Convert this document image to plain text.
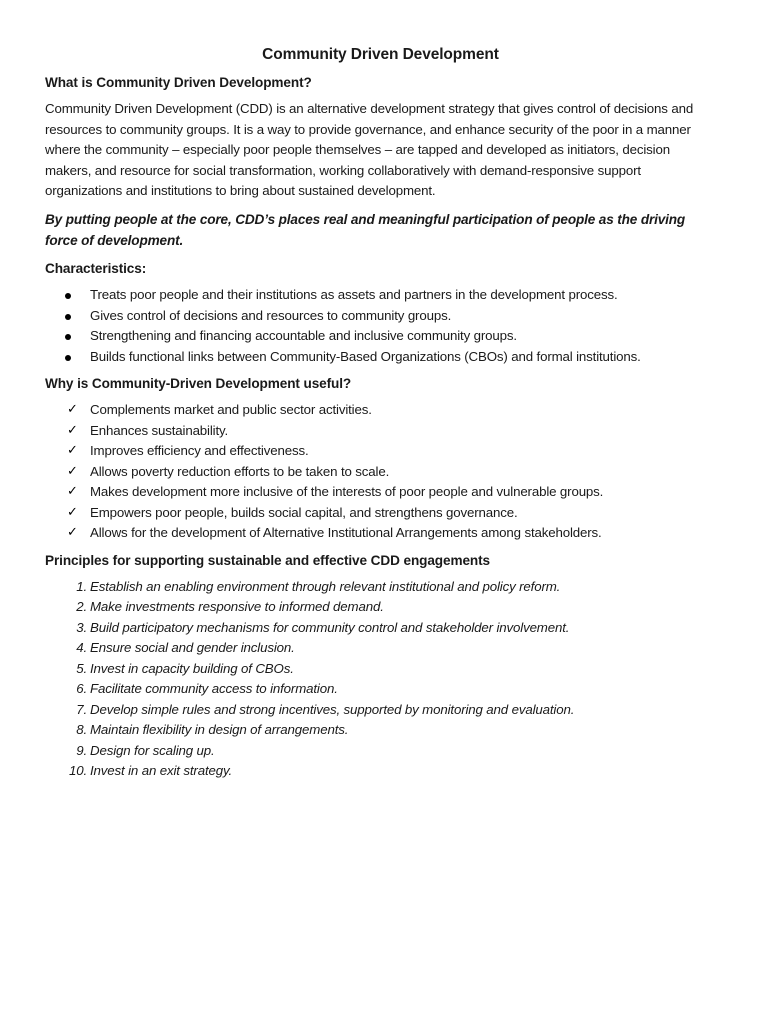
Community Driven Development
What is Community Driven Development?

Community Driven Development (CDD) is an alternative development strategy that gives control of decisions and resources to community groups. It is a way to provide governance, and enhance security of the poor in a manner where the community – especially poor people themselves – are tapped and developed as initiators, decision makers, and resource for social transformation, working collaboratively with demand-responsive support organizations and institutions to bring about sustained development.

By putting people at the core, CDD’s places real and meaningful participation of people as the driving force of development.

Characteristics:
Treats poor people and their institutions as assets and partners in the development process.
Gives control of decisions and resources to community groups.
Strengthening and financing accountable and inclusive community groups.
Builds functional links between Community-Based Organizations (CBOs) and formal institutions.
Why is Community-Driven Development useful?
✓ Complements market and public sector activities.
✓ Enhances sustainability.
✓ Improves efficiency and effectiveness.
✓ Allows poverty reduction efforts to be taken to scale.
✓ Makes development more inclusive of the interests of poor people and vulnerable groups.
✓ Empowers poor people, builds social capital, and strengthens governance.
✓ Allows for the development of Alternative Institutional Arrangements among stakeholders.
Principles for supporting sustainable and effective CDD engagements
1. Establish an enabling environment through relevant institutional and policy reform.
2. Make investments responsive to informed demand.
3. Build participatory mechanisms for community control and stakeholder involvement.
4. Ensure social and gender inclusion.
5. Invest in capacity building of CBOs.
6. Facilitate community access to information.
7. Develop simple rules and strong incentives, supported by monitoring and evaluation.
8. Maintain flexibility in design of arrangements.
9. Design for scaling up.
10. Invest in an exit strategy.
